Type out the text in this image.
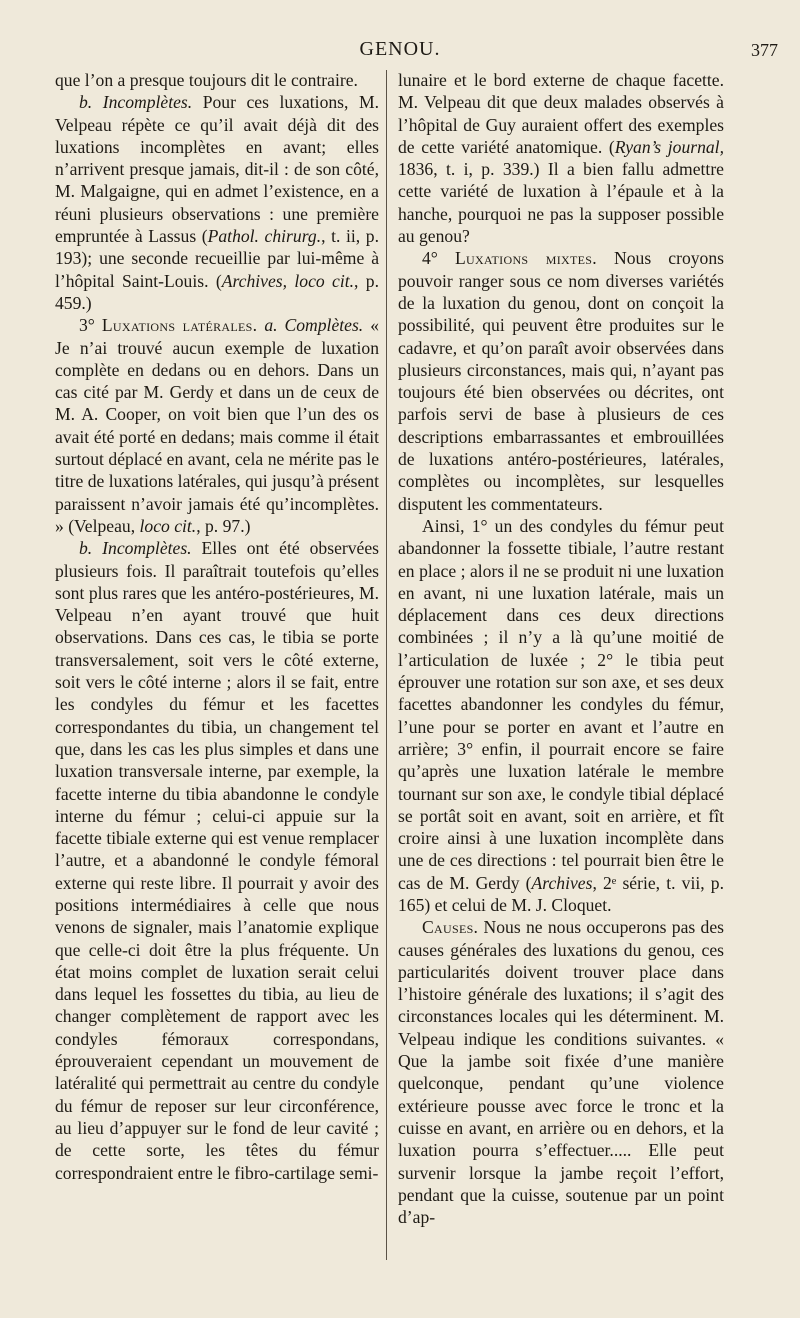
GENOU.	377

que l’on a presque toujours dit le contraire.

b. Incomplètes. Pour ces luxations, M. Velpeau répète ce qu’il avait déjà dit des luxations incomplètes en avant; elles n’arrivent presque jamais, dit-il : de son côté, M. Malgaigne, qui en admet l’existence, en a réuni plusieurs observations : une première empruntée à Lassus (Pathol. chirurg., t. ii, p. 193); une seconde recueillie par lui-même à l’hôpital Saint-Louis. (Archives, loco cit., p. 459.)

3° Luxations latérales. a. Complètes. « Je n’ai trouvé aucun exemple de luxation complète en dedans ou en dehors. Dans un cas cité par M. Gerdy et dans un de ceux de M. A. Cooper, on voit bien que l’un des os avait été porté en dedans; mais comme il était surtout déplacé en avant, cela ne mérite pas le titre de luxations latérales, qui jusqu’à présent paraissent n’avoir jamais été qu’incomplètes. » (Velpeau, loco cit., p. 97.)

b. Incomplètes. Elles ont été observées plusieurs fois. Il paraîtrait toutefois qu’elles sont plus rares que les antéro-postérieures, M. Velpeau n’en ayant trouvé que huit observations. Dans ces cas, le tibia se porte transversalement, soit vers le côté externe, soit vers le côté interne ; alors il se fait, entre les condyles du fémur et les facettes correspondantes du tibia, un changement tel que, dans les cas les plus simples et dans une luxation transversale interne, par exemple, la facette interne du tibia abandonne le condyle interne du fémur ; celui-ci appuie sur la facette tibiale externe qui est venue remplacer l’autre, et a abandonné le condyle fémoral externe qui reste libre. Il pourrait y avoir des positions intermédiaires à celle que nous venons de signaler, mais l’anatomie explique que celle-ci doit être la plus fréquente. Un état moins complet de luxation serait celui dans lequel les fossettes du tibia, au lieu de changer complètement de rapport avec les condyles fémoraux correspondans, éprouveraient cependant un mouvement de latéralité qui permettrait au centre du condyle du fémur de reposer sur leur circonférence, au lieu d’appuyer sur le fond de leur cavité ; de cette sorte, les têtes du fémur correspondraient entre le fibro-cartilage semi-

lunaire et le bord externe de chaque facette. M. Velpeau dit que deux malades observés à l’hôpital de Guy auraient offert des exemples de cette variété anatomique. (Ryan’s journal, 1836, t. i, p. 339.) Il a bien fallu admettre cette variété de luxation à l’épaule et à la hanche, pourquoi ne pas la supposer possible au genou?

4° Luxations mixtes. Nous croyons pouvoir ranger sous ce nom diverses variétés de la luxation du genou, dont on conçoit la possibilité, qui peuvent être produites sur le cadavre, et qu’on paraît avoir observées dans plusieurs circonstances, mais qui, n’ayant pas toujours été bien observées ou décrites, ont parfois servi de base à plusieurs de ces descriptions embarrassantes et embrouillées de luxations antéro-postérieures, latérales, complètes ou incomplètes, sur lesquelles disputent les commentateurs.

Ainsi, 1° un des condyles du fémur peut abandonner la fossette tibiale, l’autre restant en place ; alors il ne se produit ni une luxation en avant, ni une luxation latérale, mais un déplacement dans ces deux directions combinées ; il n’y a là qu’une moitié de l’articulation de luxée ; 2° le tibia peut éprouver une rotation sur son axe, et ses deux facettes abandonner les condyles du fémur, l’une pour se porter en avant et l’autre en arrière; 3° enfin, il pourrait encore se faire qu’après une luxation latérale le membre tournant sur son axe, le condyle tibial déplacé se portât soit en avant, soit en arrière, et fît croire ainsi à une luxation incomplète dans une de ces directions : tel pourrait bien être le cas de M. Gerdy (Archives, 2ᵉ série, t. vii, p. 165) et celui de M. J. Cloquet.

Causes. Nous ne nous occuperons pas des causes générales des luxations du genou, ces particularités doivent trouver place dans l’histoire générale des luxations; il s’agit des circonstances locales qui les déterminent. M. Velpeau indique les conditions suivantes. « Que la jambe soit fixée d’une manière quelconque, pendant qu’une violence extérieure pousse avec force le tronc et la cuisse en avant, en arrière ou en dehors, et la luxation pourra s’effectuer..... Elle peut survenir lorsque la jambe reçoit l’effort, pendant que la cuisse, soutenue par un point d’ap-
